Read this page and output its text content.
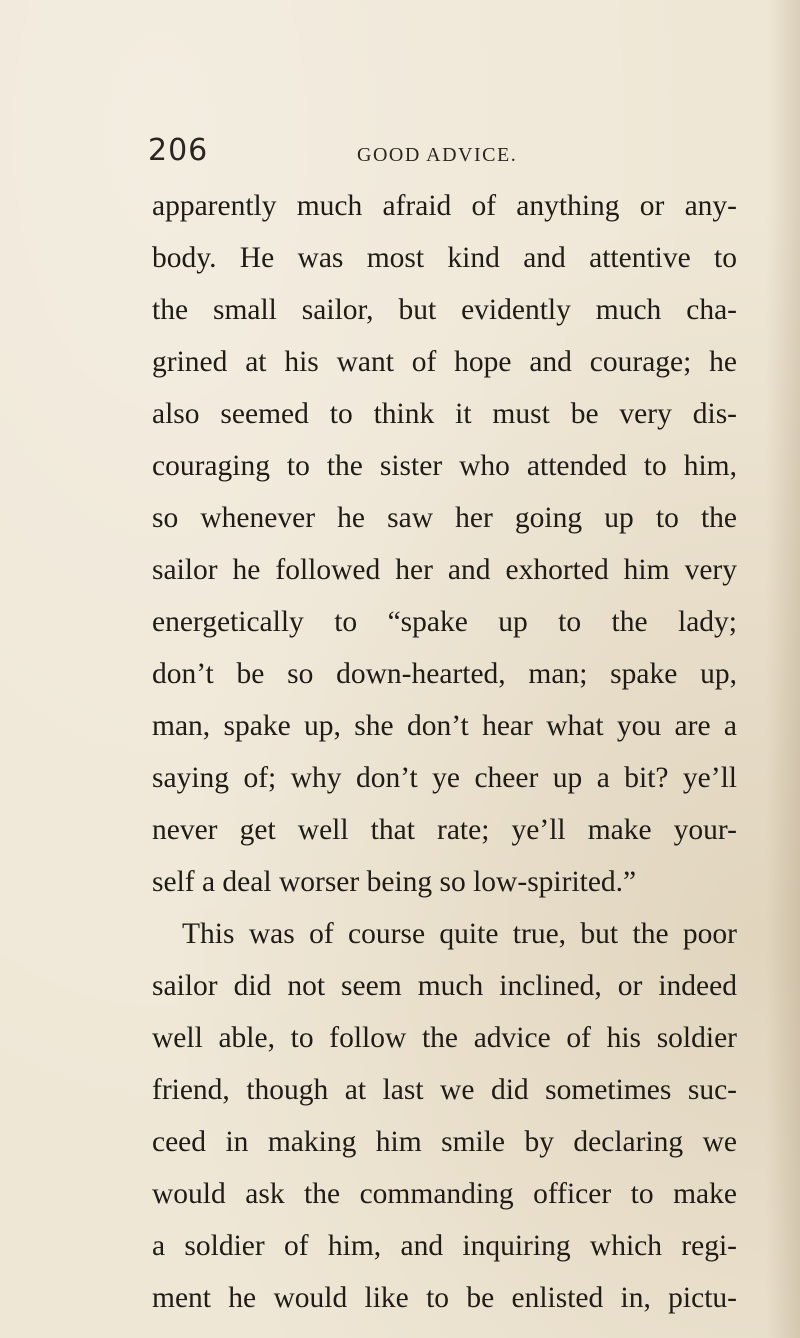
206	GOOD ADVICE.
apparently much afraid of anything or any-
body. He was most kind and attentive to
the small sailor, but evidently much cha-
grined at his want of hope and courage; he
also seemed to think it must be very dis-
couraging to the sister who attended to him,
so whenever he saw her going up to the
sailor he followed her and exhorted him very
energetically to “spake up to the lady;
don’t be so down-hearted, man; spake up,
man, spake up, she don’t hear what you are a
saying of; why don’t ye cheer up a bit? ye’ll
never get well that rate; ye’ll make your-
self a deal worser being so low-spirited.”
This was of course quite true, but the poor
sailor did not seem much inclined, or indeed
well able, to follow the advice of his soldier
friend, though at last we did sometimes suc-
ceed in making him smile by declaring we
would ask the commanding officer to make
a soldier of him, and inquiring which regi-
ment he would like to be enlisted in, pictu-
